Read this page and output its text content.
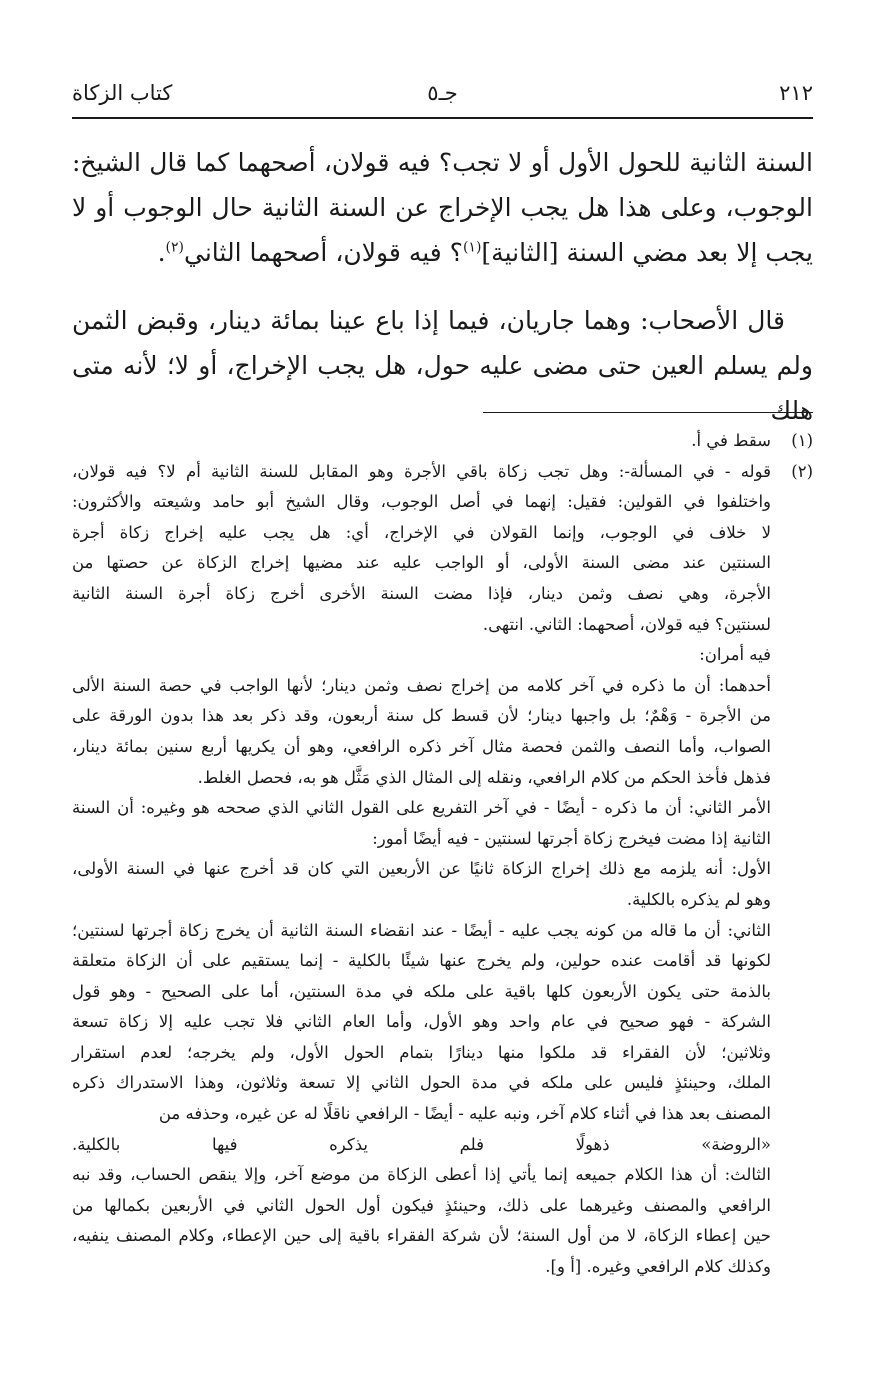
٢١٢
جـ٥
كتاب الزكاة

السنة الثانية للحول الأول أو لا تجب؟ فيه قولان، أصحهما كما قال الشيخ: الوجوب، وعلى هذا هل يجب الإخراج عن السنة الثانية حال الوجوب أو لا يجب إلا بعد مضي السنة [الثانية]$^{(١)}$؟ فيه قولان، أصحهما الثاني$^{(٢)}$.

قال الأصحاب: وهما جاريان، فيما إذا باع عينا بمائة دينار، وقبض الثمن ولم يسلم العين حتى مضى عليه حول، هل يجب الإخراج، أو لا؛ لأنه متى هلك

(١)
سقط في أ.
(٢)
قوله - في المسألة-: وهل تجب زكاة باقي الأجرة وهو المقابل للسنة الثانية أم لا؟ فيه قولان،
واختلفوا في القولين: فقيل: إنهما في أصل الوجوب، وقال الشيخ أبو حامد وشيعته والأكثرون:
لا خلاف في الوجوب، وإنما القولان في الإخراج، أي: هل يجب عليه إخراج زكاة أجرة
السنتين عند مضى السنة الأولى، أو الواجب عليه عند مضيها إخراج الزكاة عن حصتها من
الأجرة، وهي نصف وثمن دينار، فإذا مضت السنة الأخرى أخرج زكاة أجرة السنة الثانية
لسنتين؟ فيه قولان، أصحهما: الثاني. انتهى.
فيه أمران:
أحدهما: أن ما ذكره في آخر كلامه من إخراج نصف وثمن دينار؛ لأنها الواجب في حصة السنة الألى
من الأجرة - وَهْمٌ؛ بل واجبها دينار؛ لأن قسط كل سنة أربعون، وقد ذكر بعد هذا بدون الورقة على
الصواب، وأما النصف والثمن فحصة مثال آخر ذكره الرافعي، وهو أن يكريها أربع سنين بمائة دينار،
فذهل فأخذ الحكم من كلام الرافعي، ونقله إلى المثال الذي مَثَّل هو به، فحصل الغلط.
الأمر الثاني: أن ما ذكره - أيضًا - في آخر التفريع على القول الثاني الذي صححه هو وغيره: أن السنة
الثانية إذا مضت فيخرج زكاة أجرتها لسنتين - فيه أيضًا أمور:
الأول: أنه يلزمه مع ذلك إخراج الزكاة ثانيًا عن الأربعين التي كان قد أخرج عنها في السنة الأولى،
وهو لم يذكره بالكلية.
الثاني: أن ما قاله من كونه يجب عليه - أيضًا - عند انقضاء السنة الثانية أن يخرج زكاة أجرتها لسنتين؛
لكونها قد أقامت عنده حولين، ولم يخرج عنها شيئًا بالكلية - إنما يستقيم على أن الزكاة متعلقة
بالذمة حتى يكون الأربعون كلها باقية على ملكه في مدة السنتين، أما على الصحيح - وهو قول
الشركة - فهو صحيح في عام واحد وهو الأول، وأما العام الثاني فلا تجب عليه إلا زكاة تسعة
وثلاثين؛ لأن الفقراء قد ملكوا منها دينارًا بتمام الحول الأول، ولم يخرجه؛ لعدم استقرار
الملك، وحينئذٍ فليس على ملكه في مدة الحول الثاني إلا تسعة وثلاثون، وهذا الاستدراك ذكره
المصنف بعد هذا في أثناء كلام آخر، ونبه عليه - أيضًا - الرافعي ناقلًا له عن غيره، وحذفه من
«الروضة» ذهولًا فلم يذكره فيها بالكلية.
الثالث: أن هذا الكلام جميعه إنما يأتي إذا أعطى الزكاة من موضع آخر، وإلا ينقص الحساب، وقد نبه
الرافعي والمصنف وغيرهما على ذلك، وحينئذٍ فيكون أول الحول الثاني في الأربعين بكمالها من
حين إعطاء الزكاة، لا من أول السنة؛ لأن شركة الفقراء باقية إلى حين الإعطاء، وكلام المصنف ينفيه،
وكذلك كلام الرافعي وغيره. [أ و].
